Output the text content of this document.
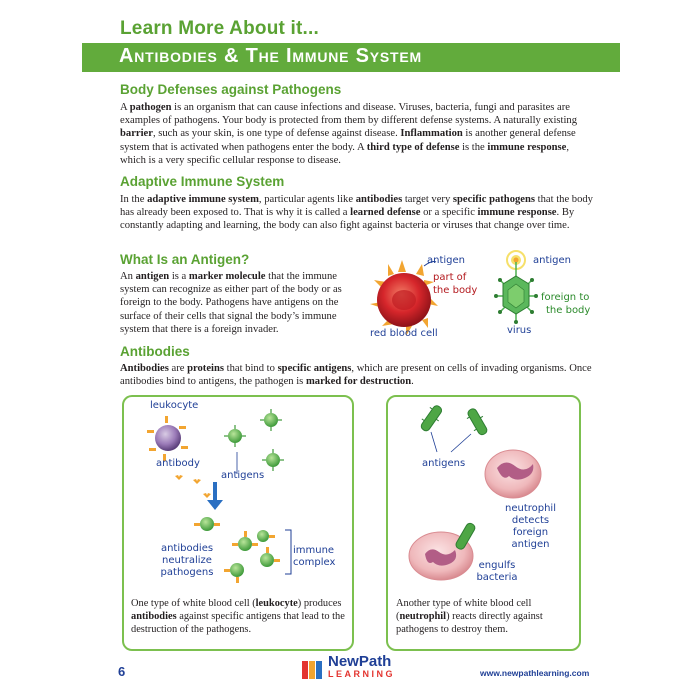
Learn More About it...
Antibodies & The Immune System
Body Defenses against Pathogens
A pathogen is an organism that can cause infections and disease. Viruses, bacteria, fungi and parasites are examples of pathogens. Your body is protected from them by different defense systems. A naturally existing barrier, such as your skin, is one type of defense against disease. Inflammation is another general defense system that is activated when pathogens enter the body. A third type of defense is the immune response, which is a very specific cellular response to disease.
Adaptive Immune System
In the adaptive immune system, particular agents like antibodies target very specific pathogens that the body has already been exposed to. That is why it is called a learned defense or a specific immune response. By constantly adapting and learning, the body can also fight against bacteria or viruses that change over time.
What Is an Antigen?
An antigen is a marker molecule that the immune system can recognize as either part of the body or as foreign to the body. Pathogens have antigens on the surface of their cells that signal the body’s immune system that there is a foreign invader.
antigen
part of
the body
red blood cell
antigen
foreign to
the body
virus
Antibodies
Antibodies are proteins that bind to specific antigens, which are present on cells of invading organisms. Once antibodies bind to antigens, the pathogen is marked for destruction.
leukocyte
antibody
antigens
antibodies
neutralize
pathogens
immune
complex
One type of white blood cell (leukocyte) produces antibodies against specific antigens that lead to the destruction of the pathogens.
antigens
neutrophil
detects
foreign antigen
engulfs
bacteria
Another type of white blood cell (neutrophil) reacts directly against pathogens to destroy them.
6
NewPath
LEARNING	www.newpathlearning.com
